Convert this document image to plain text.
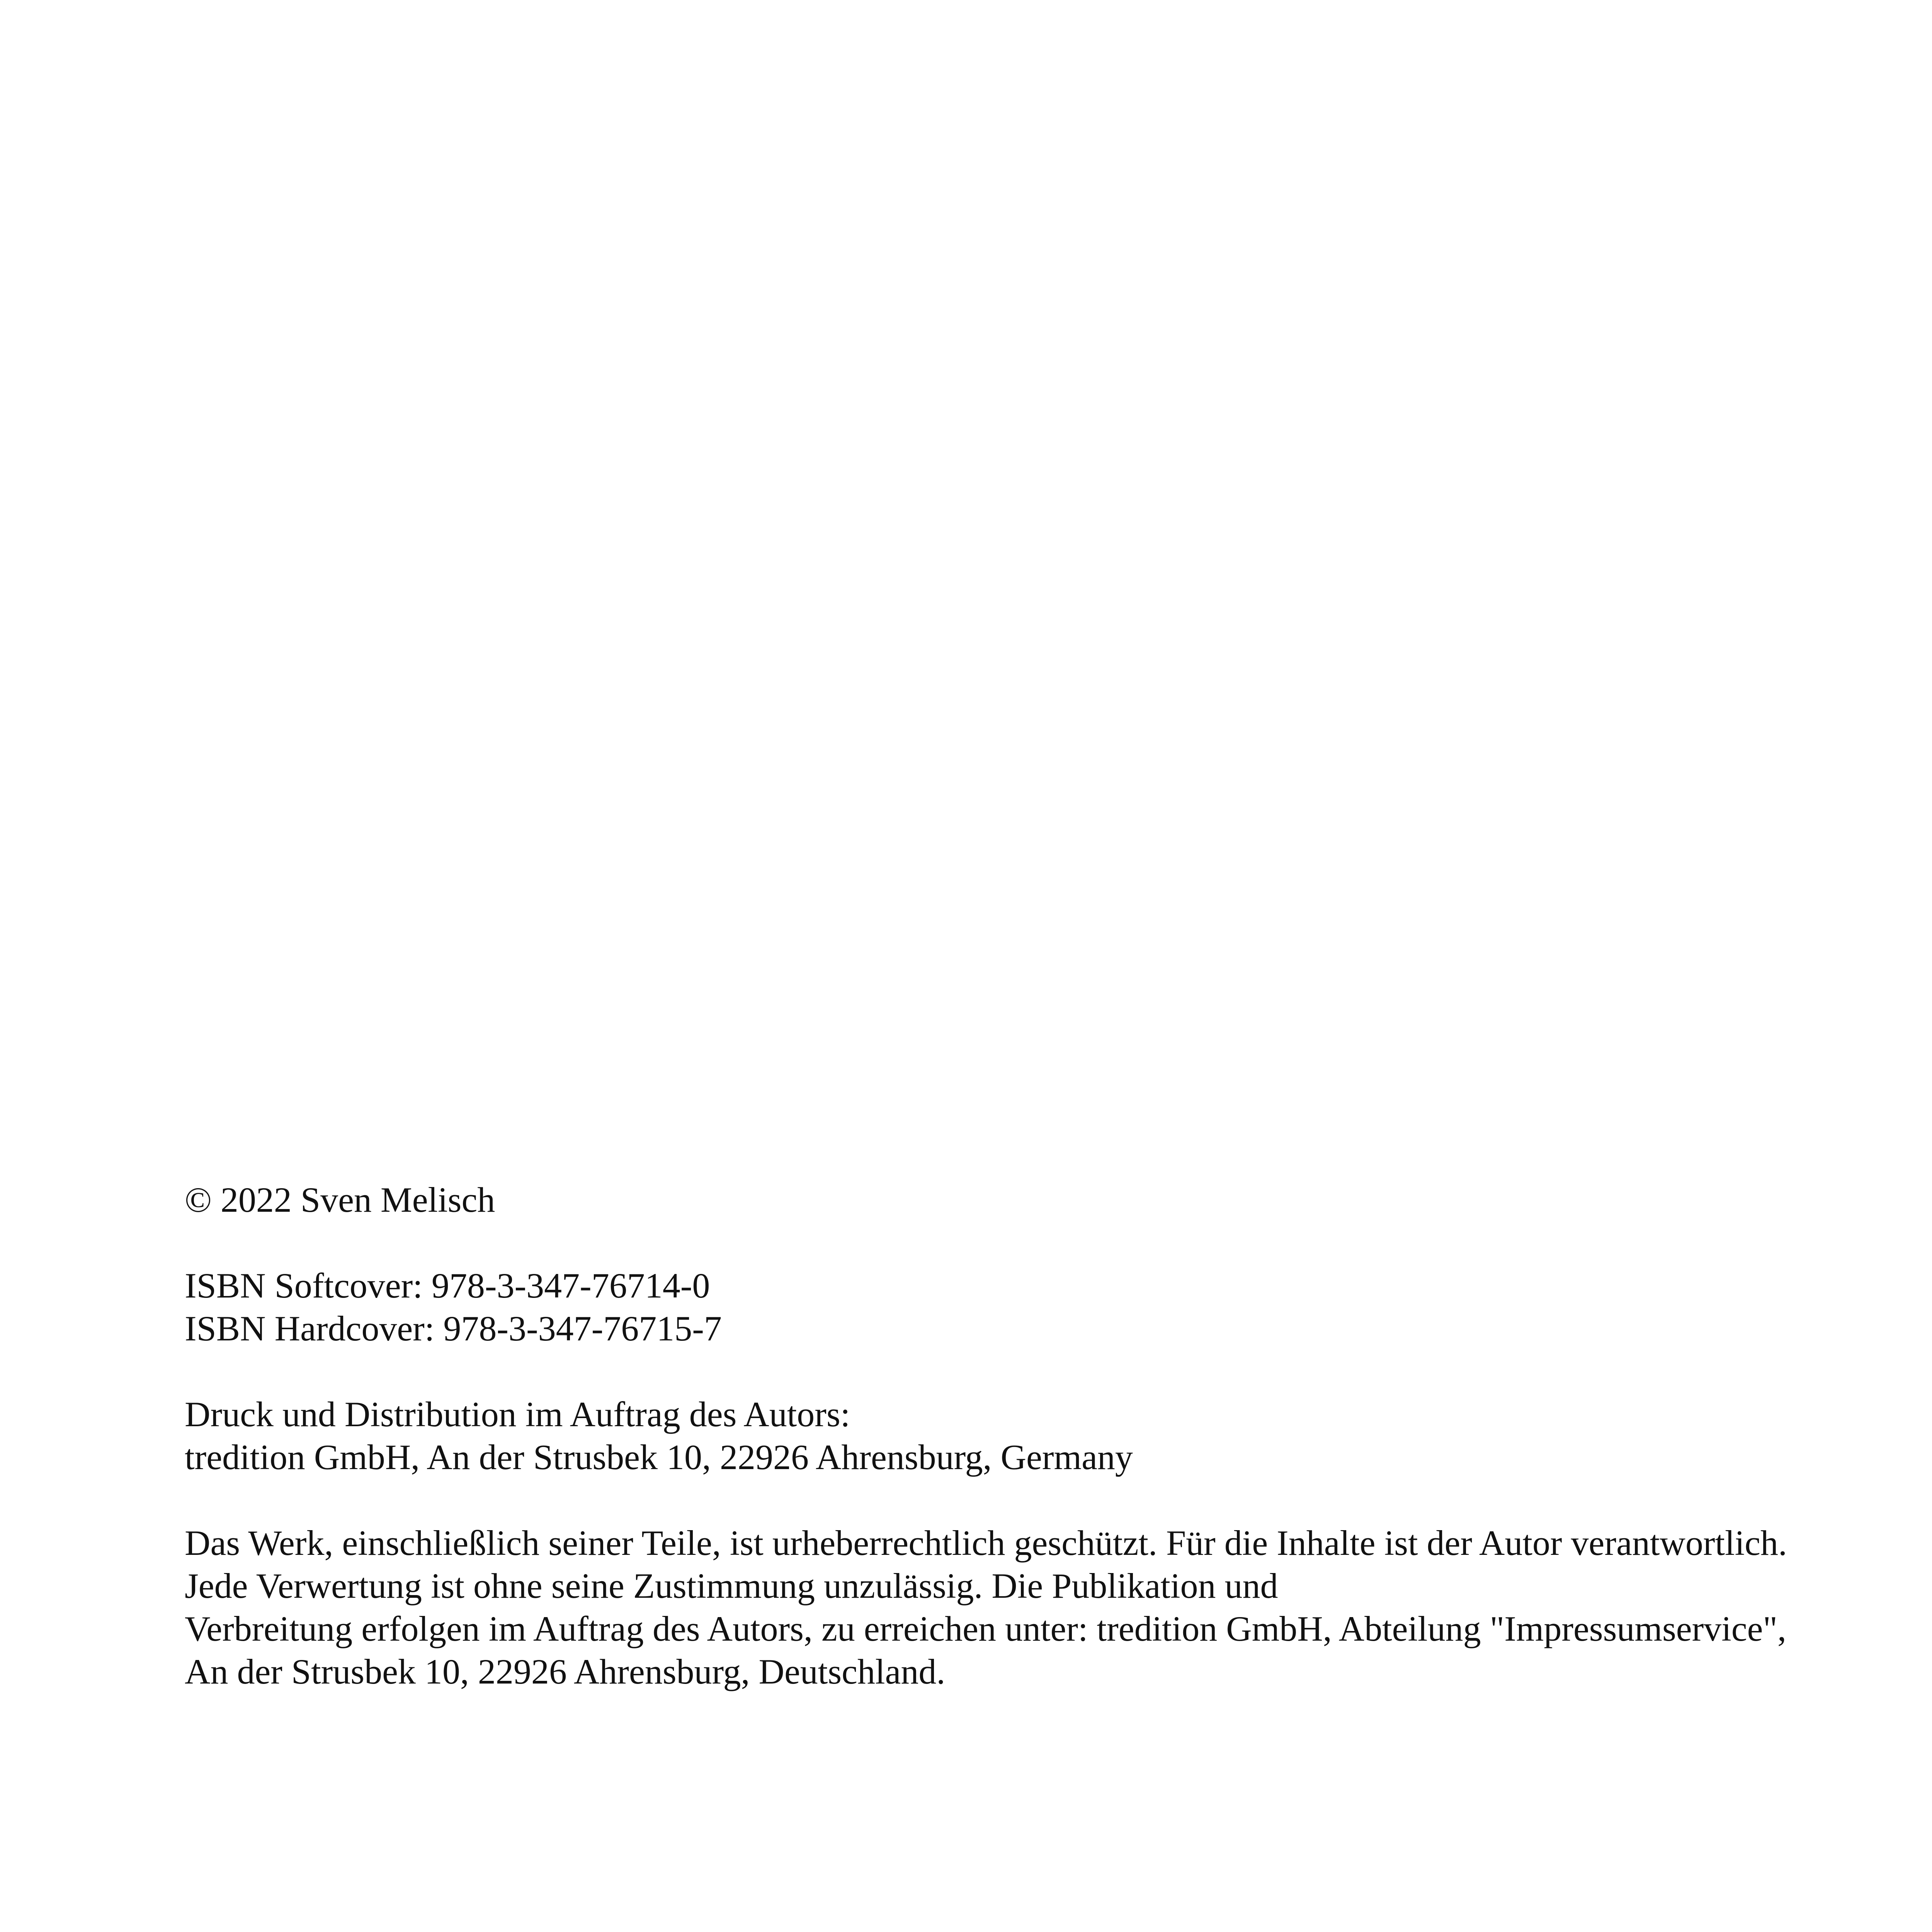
© 2022 Sven Melisch
ISBN Softcover: 978-3-347-76714-0
ISBN Hardcover: 978-3-347-76715-7
Druck und Distribution im Auftrag des Autors:
tredition GmbH, An der Strusbek 10, 22926 Ahrensburg, Germany
Das Werk, einschließlich seiner Teile, ist urheberrechtlich geschützt. Für die Inhalte ist der Autor verantwortlich.
Jede Verwertung ist ohne seine Zustimmung unzulässig. Die Publikation und
Verbreitung erfolgen im Auftrag des Autors, zu erreichen unter: tredition GmbH, Abteilung "Impressumservice",
An der Strusbek 10, 22926 Ahrensburg, Deutschland.
